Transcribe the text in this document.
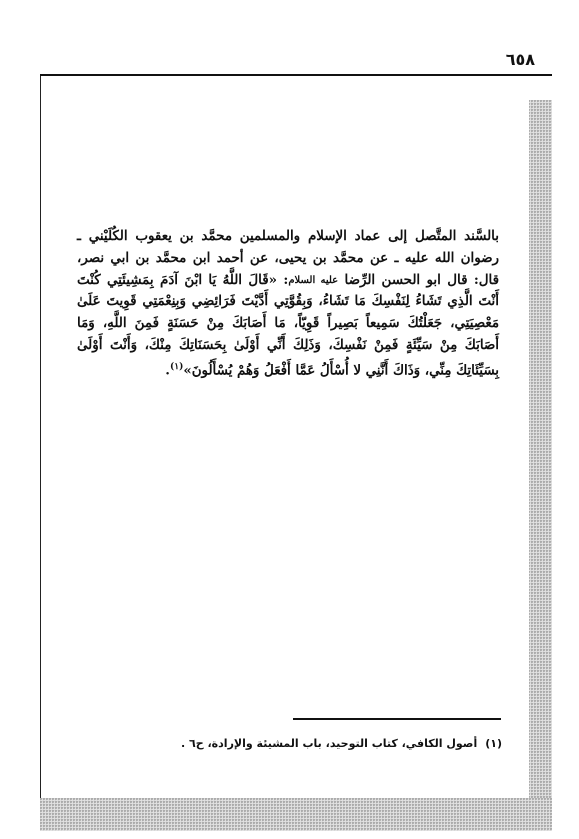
٦٥٨

بالسَّند المتَّصل إلى عماد الإسلام والمسلمين محمَّد بن يعقوب الكُلَيْني ـ رضوان الله عليه ـ عن محمَّد بن يحيى، عن أحمد ابن محمَّد بن ابي نصر، قال: قال ابو الحسن الرِّضا $^{عليه السلام}$: «قَالَ اللَّهُ يَا ابْنَ آدَمَ بِمَشِيئَتِي كُنْتَ أَنْتَ الَّذِي تَشَاءُ لِنَفْسِكَ مَا تَشَاءُ، وَبِقُوَّتِي أَدَّيْتَ فَرَائِضِي وَبِنِعْمَتِي قَوِيتَ عَلَىٰ مَعْصِيَتِي، جَعَلْتُكَ سَمِيعاً بَصِيراً قَوِيّاً، مَا أَصَابَكَ مِنْ حَسَنَةٍ فَمِنَ اللَّهِ، وَمَا أَصَابَكَ مِنْ سَيِّئَةٍ فَمِنْ نَفْسِكَ، وَذَلِكَ أَنِّي أَوْلَىٰ بِحَسَنَاتِكَ مِنْكَ، وَأَنْتَ أَوْلَىٰ بِسَيِّئَاتِكَ مِنِّي، وَذَاكَ أَنَّنِي لا أُسْأَلُ عَمَّا أَفْعَلُ وَهُمْ يُسْأَلُونَ»$^{(١)}$.

(١)أصول الكافي، كتاب التوحيد، باب المشيئة والإرادة، ح٦ .
